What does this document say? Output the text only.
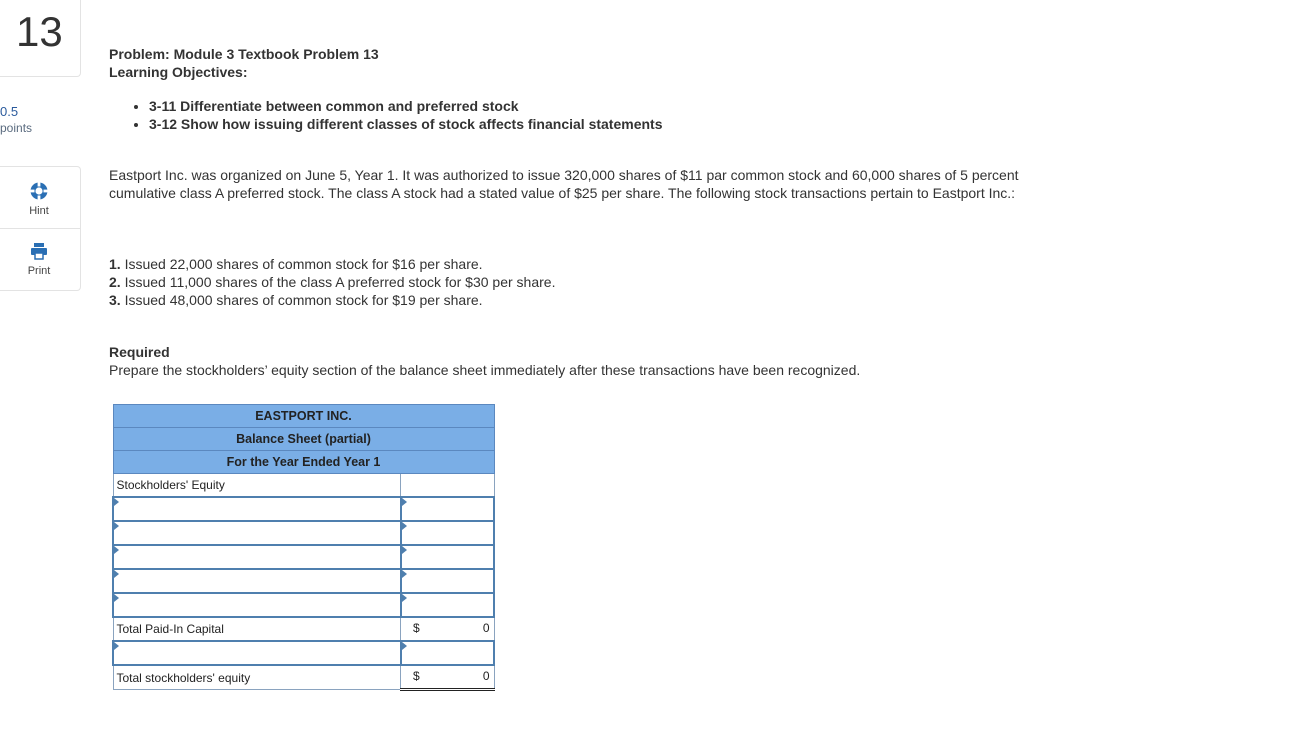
13
0.5
points
Hint
Print
Problem: Module 3 Textbook Problem 13
Learning Objectives:
• 3-11 Differentiate between common and preferred stock
• 3-12 Show how issuing different classes of stock affects financial statements
Eastport Inc. was organized on June 5, Year 1. It was authorized to issue 320,000 shares of $11 par common stock and 60,000 shares of 5 percent cumulative class A preferred stock. The class A stock had a stated value of $25 per share. The following stock transactions pertain to Eastport Inc.:
1. Issued 22,000 shares of common stock for $16 per share.
2. Issued 11,000 shares of the class A preferred stock for $30 per share.
3. Issued 48,000 shares of common stock for $19 per share.
Required
Prepare the stockholders’ equity section of the balance sheet immediately after these transactions have been recognized.
EASTPORT INC.	
Balance Sheet (partial)	
For the Year Ended Year 1	
Stockholders' Equity	

Total Paid-In Capital	$ 0

Total stockholders' equity	$ 0
